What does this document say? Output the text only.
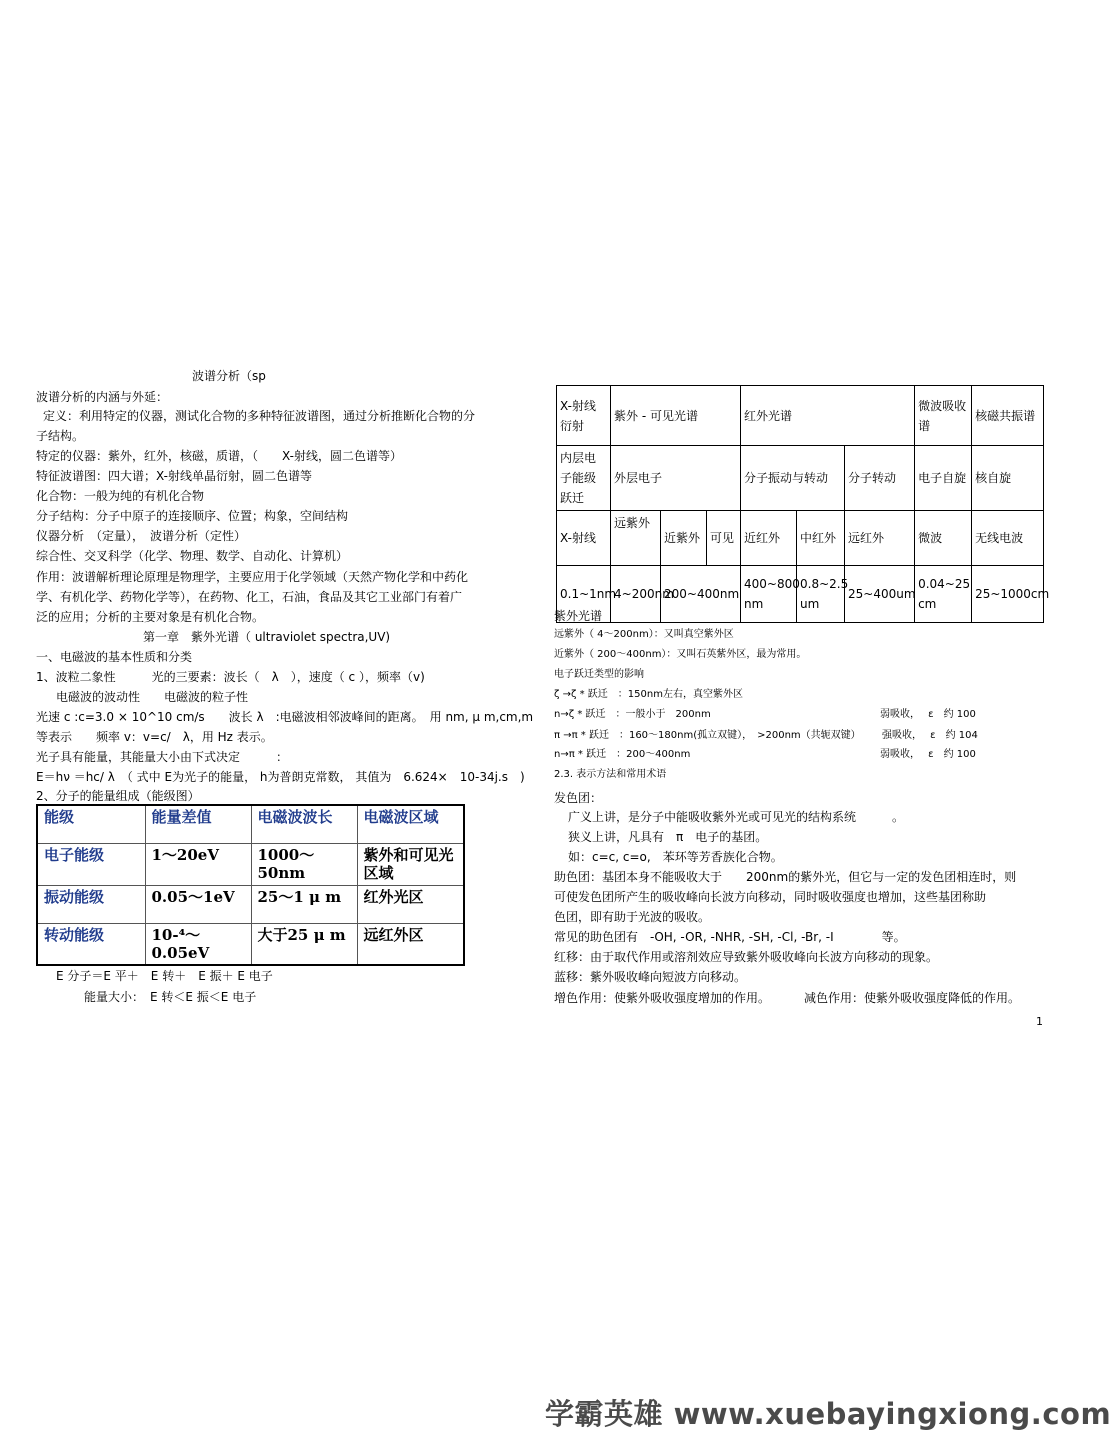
波谱分析（sp
波谱分析的内涵与外延：
定义：利用特定的仪器，测试化合物的多种特征波谱图，通过分析推断化合物的分
子结构。
特定的仪器：紫外，红外，核磁，质谱，（　　X-射线，圆二色谱等）
特征波谱图：四大谱；X-射线单晶衍射，圆二色谱等
化合物：一般为纯的有机化合物
分子结构：分子中原子的连接顺序、位置；构象，空间结构
仪器分析　（定量），　波谱分析（定性）
综合性、交叉科学（化学、物理、数学、自动化、计算机）
作用：波谱解析理论原理是物理学，主要应用于化学领域（天然产物化学和中药化
学、有机化学、药物化学等），在药物、化工，石油，食品及其它工业部门有着广
泛的应用；分析的主要对象是有机化合物。
第一章　紫外光谱（ ultraviolet spectra,UV)
一、电磁波的基本性质和分类
1、波粒二象性　　　光的三要素：波长（　λ　），速度（ c ），频率（v)
电磁波的波动性　　电磁波的粒子性
光速 c :c=3.0 × 10^10 cm/s　　波长 λ　:电磁波相邻波峰间的距离。　用 nm, μ m,cm,m
等表示　　频率 v：v=c/　λ，用 Hz 表示。
光子具有能量，其能量大小由下式决定　　　：
E＝hν ＝hc/ λ　（ 式中 E为光子的能量， h为普朗克常数， 其值为　6.624×　10-34j.s　)
2、分子的能量组成（能级图）
能级	能量差值	电磁波波长	电磁波区域
电子能级	1～20eV	1000～50nm	紫外和可见光区域
振动能级	0.05～1eV	25～1 μ m	红外光区
转动能级	10-⁴～0.05eV	大于25 μ m	远红外区
E 分子＝E 平＋　E 转＋　E 振＋ E 电子
能量大小：　E 转＜E 振＜E 电子
X-射线衍射	紫外 - 可见光谱			红外光谱			微波吸收谱	核磁共振谱
内层电子能级跃迁	外层电子			分子振动与转动		分子转动	电子自旋	核自旋
X-射线	远紫外	近紫外	可见	近红外	中红外	远红外	微波	无线电波
0.1~1nm	4~200nm	200~400nm		400~800 nm	0.8~2.5 um	25~400um	0.04~25 cm	25~1000cm
紫外光谱
远紫外（ 4～200nm）：又叫真空紫外区
近紫外（ 200～400nm）：又叫石英紫外区，最为常用。
电子跃迁类型的影响
ζ →ζ * 跃迁　：150nm左右，真空紫外区
n→ζ * 跃迁　：一般小于　200nm	弱吸收，　 ε　约 100
π →π * 跃迁　：160～180nm(孤立双键），　>200nm（共轭双键） 强吸收，　 ε　约 104
n→π * 跃迁　：200～400nm	弱吸收，　 ε　约 100
2.3. 表示方法和常用术语
发色团：
广义上讲，是分子中能吸收紫外光或可见光的结构系统　　　。
狭义上讲，凡具有　π　电子的基团。
如：c=c, c=o,　苯环等芳香族化合物。
助色团：基团本身不能吸收大于　　200nm的紫外光，但它与一定的发色团相连时，则
可使发色团所产生的吸收峰向长波方向移动，同时吸收强度也增加，这些基团称助
色团，即有助于光波的吸收。
常见的助色团有　-OH, -OR, -NHR, -SH, -Cl, -Br, -I　　　　等。
红移：由于取代作用或溶剂效应导致紫外吸收峰向长波方向移动的现象。
蓝移：紫外吸收峰向短波方向移动。
增色作用：使紫外吸收强度增加的作用。	减色作用：使紫外吸收强度降低的作用。
1
学霸英雄 www.xuebayingxiong.com
